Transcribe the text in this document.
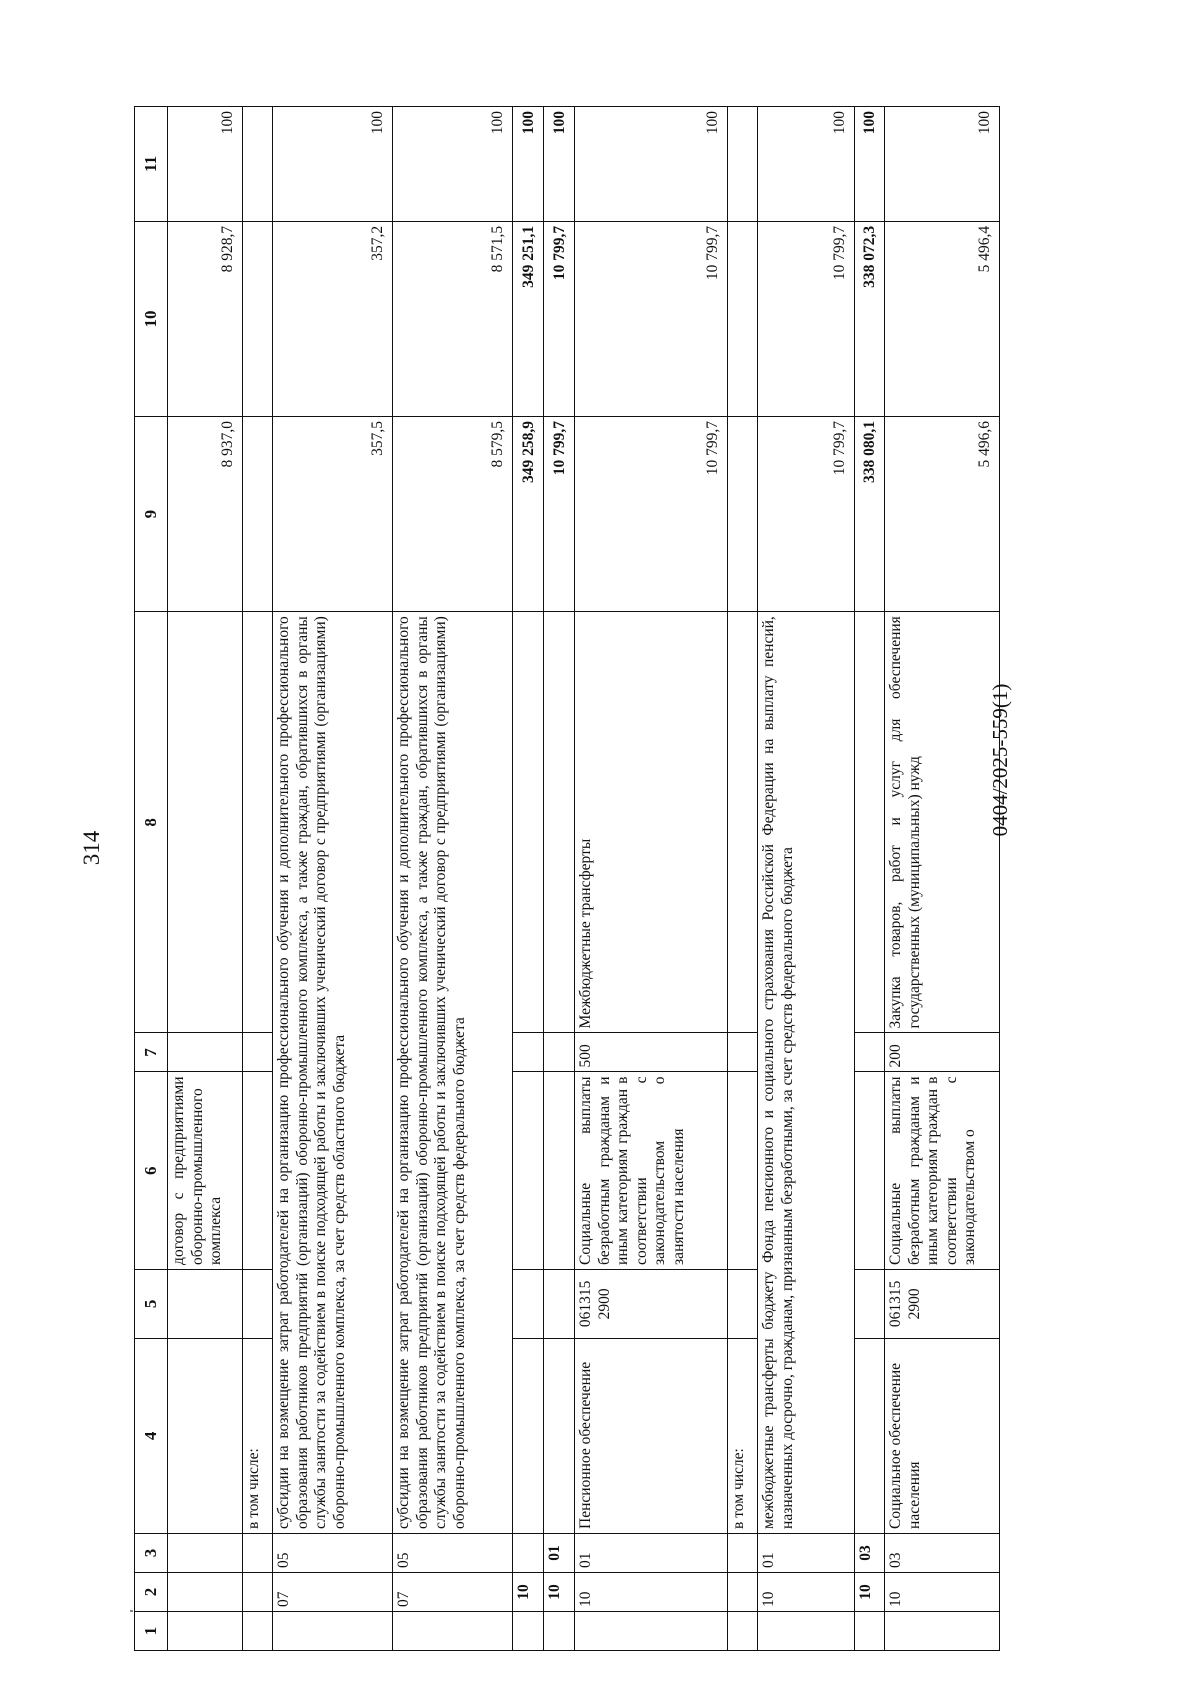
314
0404/2025-559(1)
1	2	3	4	5	6	7	8	9	10	11
					договор с предприятиями оборонно-промышленного комплекса			8 937,0	8 928,7	100
			в том числе:							
	07	05	субсидии на возмещение затрат работодателей на организацию профессионального обучения и дополнительного профессионального образования работников предприятий (организаций) оборонно-промышленного комплекса, а также граждан, обратившихся в органы службы занятости за содействием в поиске подходящей работы и заключивших ученический договор с предприятиями (организациями) оборонно-промышленного комплекса, за счет средств областного бюджета					357,5	357,2	100
	07	05	субсидии на возмещение затрат работодателей на организацию профессионального обучения и дополнительного профессионального образования работников предприятий (организаций) оборонно-промышленного комплекса, а также граждан, обратившихся в органы службы занятости за содействием в поиске подходящей работы и заключивших ученический договор с предприятиями (организациями) оборонно-промышленного комплекса, за счет средств федерального бюджета					8 579,5	8 571,5	100
	10							349 258,9	349 251,1	100
	10	01						10 799,7	10 799,7	100
	10	01	Пенсионное обеспечение	061315 2900	Социальные выплаты безработным гражданам и иным категориям граждан в соответствии с законодательством о занятости населения	500	Межбюджетные трансферты	10 799,7	10 799,7	100
			в том числе:							
	10	01	межбюджетные трансферты бюджету Фонда пенсионного и социального страхования Российской Федерации на выплату пенсий, назначенных досрочно, гражданам, признанным безработными, за счет средств федерального бюджета					10 799,7	10 799,7	100
	10	03						338 080,1	338 072,3	100
	10	03	Социальное обеспечение населения	061315 2900	Социальные выплаты безработным гражданам и иным категориям граждан в соответствии с законодательством о	200	Закупка товаров, работ и услуг для обеспечения государственных (муниципальных) нужд	5 496,6	5 496,4	100
